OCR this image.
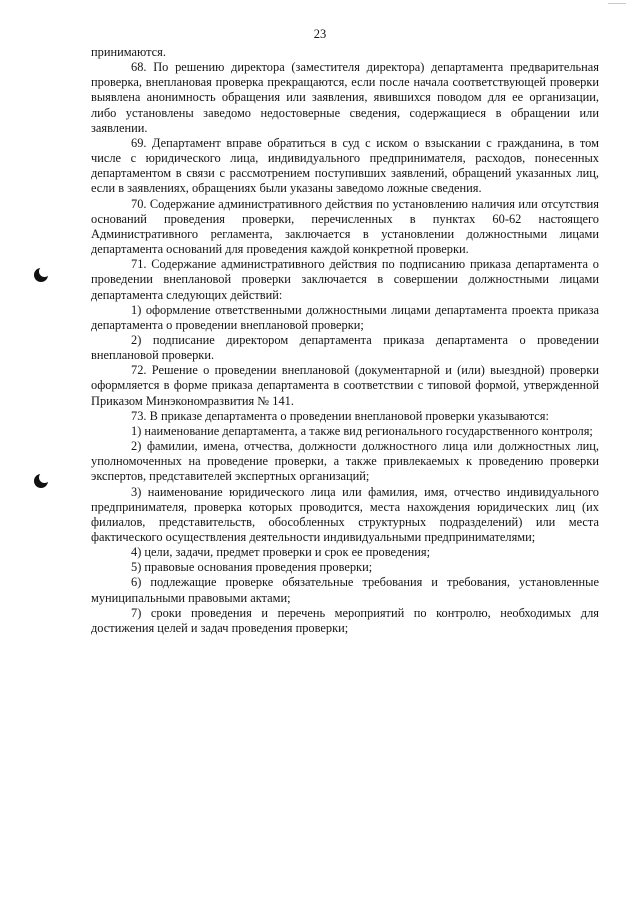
23

принимаются.

68. По решению директора (заместителя директора) департамента предварительная проверка, внеплановая проверка прекращаются, если после начала соответствующей проверки выявлена анонимность обращения или заявления, явившихся поводом для ее организации, либо установлены заведомо недостоверные сведения, содержащиеся в обращении или заявлении.

69. Департамент вправе обратиться в суд с иском о взыскании с гражданина, в том числе с юридического лица, индивидуального предпринимателя, расходов, понесенных департаментом в связи с рассмотрением поступивших заявлений, обращений указанных лиц, если в заявлениях, обращениях были указаны заведомо ложные сведения.

70. Содержание административного действия по установлению наличия или отсутствия оснований проведения проверки, перечисленных в пунктах 60-62 настоящего Административного регламента, заключается в установлении должностными лицами департамента оснований для проведения каждой конкретной проверки.

71. Содержание административного действия по подписанию приказа департамента о проведении внеплановой проверки заключается в совершении должностными лицами департамента следующих действий:

1) оформление ответственными должностными лицами департамента проекта приказа департамента о проведении внеплановой проверки;

2) подписание директором департамента приказа департамента о проведении внеплановой проверки.

72. Решение о проведении внеплановой (документарной и (или) выездной) проверки оформляется в форме приказа департамента в соответствии с типовой формой, утвержденной Приказом Минэкономразвития № 141.

73. В приказе департамента о проведении внеплановой проверки указываются:

1) наименование департамента, а также вид регионального государственного контроля;

2) фамилии, имена, отчества, должности должностного лица или должностных лиц, уполномоченных на проведение проверки, а также привлекаемых к проведению проверки экспертов, представителей экспертных организаций;

3) наименование юридического лица или фамилия, имя, отчество индивидуального предпринимателя, проверка которых проводится, места нахождения юридических лиц (их филиалов, представительств, обособленных структурных подразделений) или места фактического осуществления деятельности индивидуальными предпринимателями;

4) цели, задачи, предмет проверки и срок ее проведения;

5) правовые основания проведения проверки;

6) подлежащие проверке обязательные требования и требования, установленные муниципальными правовыми актами;

7) сроки проведения и перечень мероприятий по контролю, необходимых для достижения целей и задач проведения проверки;
